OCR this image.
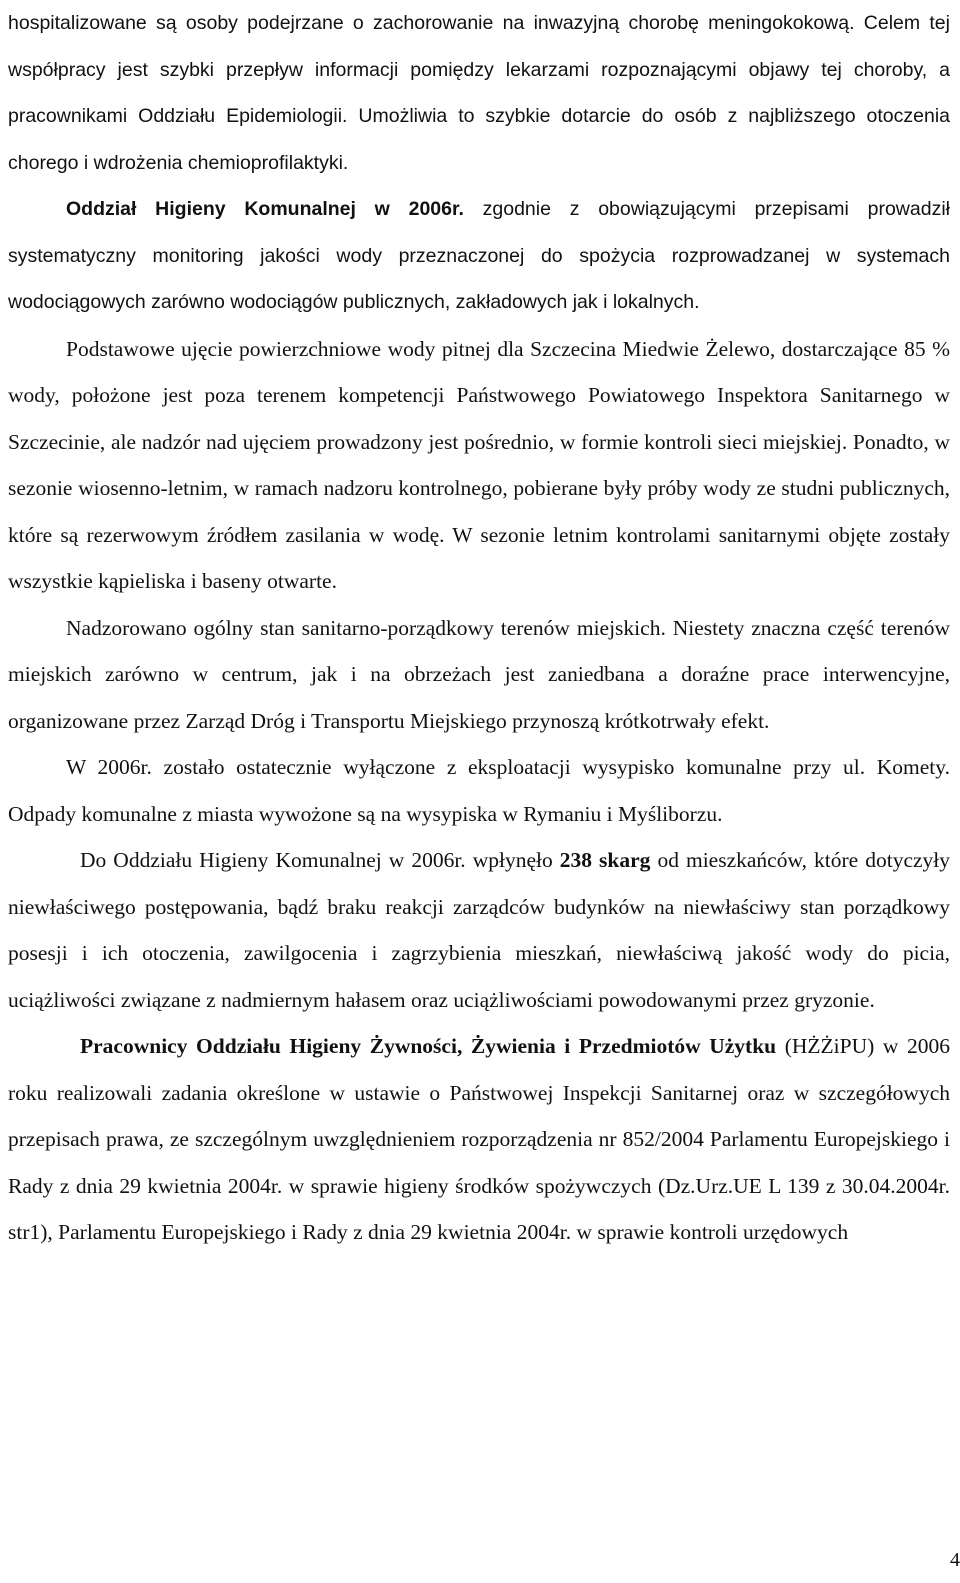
hospitalizowane są osoby podejrzane o zachorowanie na inwazyjną chorobę meningokokową. Celem tej współpracy jest szybki przepływ informacji pomiędzy lekarzami rozpoznającymi objawy tej choroby, a pracownikami Oddziału Epidemiologii. Umożliwia to szybkie dotarcie do osób z najbliższego otoczenia chorego i wdrożenia chemioprofilaktyki.

Oddział Higieny Komunalnej w 2006r. zgodnie z obowiązującymi przepisami prowadził systematyczny monitoring jakości wody przeznaczonej do spożycia rozprowadzanej w systemach wodociągowych zarówno wodociągów publicznych, zakładowych jak i lokalnych.

Podstawowe ujęcie powierzchniowe wody pitnej dla Szczecina Miedwie Żelewo, dostarczające 85 % wody, położone jest poza terenem kompetencji Państwowego Powiatowego Inspektora Sanitarnego w Szczecinie, ale nadzór nad ujęciem prowadzony jest pośrednio, w formie kontroli sieci miejskiej. Ponadto, w sezonie wiosenno-letnim, w ramach nadzoru kontrolnego, pobierane były próby wody ze studni publicznych, które są rezerwowym źródłem zasilania w wodę. W sezonie letnim kontrolami sanitarnymi objęte zostały wszystkie kąpieliska i baseny otwarte.

Nadzorowano ogólny stan sanitarno-porządkowy terenów miejskich. Niestety znaczna część terenów miejskich zarówno w centrum, jak i na obrzeżach jest zaniedbana a doraźne prace interwencyjne, organizowane przez Zarząd Dróg i Transportu Miejskiego przynoszą krótkotrwały efekt.

W 2006r. zostało ostatecznie wyłączone z eksploatacji wysypisko komunalne przy ul. Komety. Odpady komunalne z miasta wywożone są na wysypiska w Rymaniu i Myśliborzu.

Do Oddziału Higieny Komunalnej w 2006r. wpłynęło 238 skarg od mieszkańców, które dotyczyły niewłaściwego postępowania, bądź braku reakcji zarządców budynków na niewłaściwy stan porządkowy posesji i ich otoczenia, zawilgocenia i zagrzybienia mieszkań, niewłaściwą jakość wody do picia, uciążliwości związane z nadmiernym hałasem oraz uciążliwościami powodowanymi przez gryzonie.

Pracownicy Oddziału Higieny Żywności, Żywienia i Przedmiotów Użytku (HŻŻiPU) w 2006 roku realizowali zadania określone w ustawie o Państwowej Inspekcji Sanitarnej oraz w szczegółowych przepisach prawa, ze szczególnym uwzględnieniem rozporządzenia nr 852/2004 Parlamentu Europejskiego i Rady z dnia 29 kwietnia 2004r. w sprawie higieny środków spożywczych (Dz.Urz.UE L 139 z 30.04.2004r. str1), Parlamentu Europejskiego i Rady z dnia 29 kwietnia 2004r. w sprawie kontroli urzędowych

4
